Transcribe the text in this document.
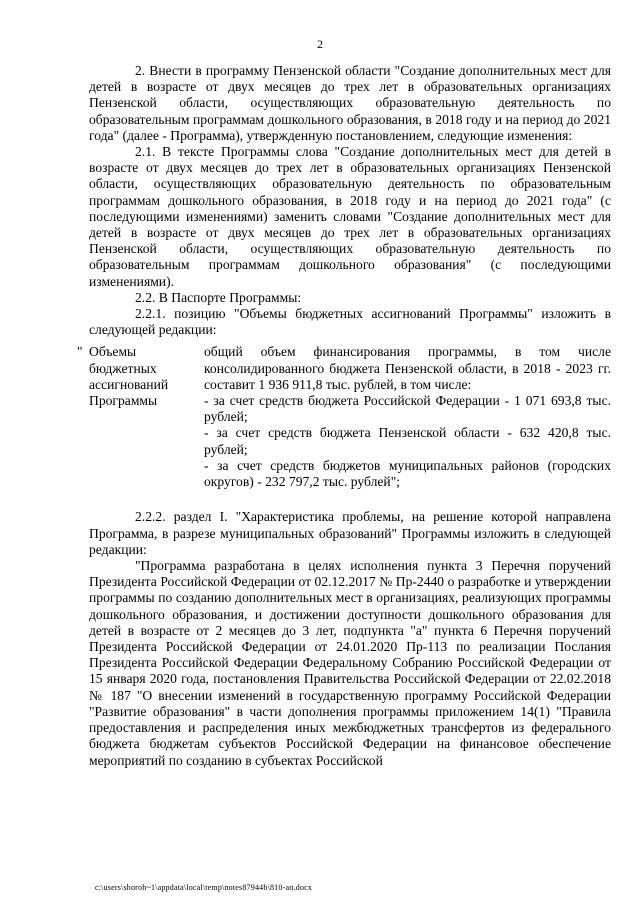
2

2. Внести в программу Пензенской области "Создание дополнительных мест для детей в возрасте от двух месяцев до трех лет в образовательных организациях Пензенской области, осуществляющих образовательную деятельность по образовательным программам дошкольного образования, в 2018 году и на период до 2021 года" (далее - Программа), утвержденную постановлением, следующие изменения:

2.1. В тексте Программы слова "Создание дополнительных мест для детей в возрасте от двух месяцев до трех лет в образовательных организациях Пензенской области, осуществляющих образовательную деятельность по образовательным программам дошкольного образования, в 2018 году и на период до 2021 года" (с последующими изменениями) заменить словами "Создание дополнительных мест для детей в возрасте от двух месяцев до трех лет в образовательных организациях Пензенской области, осуществляющих образовательную деятельность по образовательным программам дошкольного образования" (с последующими изменениями).

2.2. В Паспорте Программы:

2.2.1. позицию "Объемы бюджетных ассигнований Программы" изложить в следующей редакции:

" Объемы бюджетных ассигнований Программы

общий объем финансирования программы, в том числе консолидированного бюджета Пензенской области, в 2018 - 2023 гг. составит 1 936 911,8 тыс. рублей, в том числе:

- за счет средств бюджета Российской Федерации - 1 071 693,8 тыс. рублей;

- за счет средств бюджета Пензенской области - 632 420,8 тыс. рублей;

- за счет средств бюджетов муниципальных районов (городских округов) - 232 797,2 тыс. рублей";

2.2.2. раздел I. "Характеристика проблемы, на решение которой направлена Программа, в разрезе муниципальных образований" Программы изложить в следующей редакции:

"Программа разработана в целях исполнения пункта 3 Перечня поручений Президента Российской Федерации от 02.12.2017 № Пр-2440 о разработке и утверждении программы по созданию дополнительных мест в организациях, реализующих программы дошкольного образования, и достижении доступности дошкольного образования для детей в возрасте от 2 месяцев до 3 лет, подпункта "а" пункта 6 Перечня поручений Президента Российской Федерации от 24.01.2020 Пр-113 по реализации Послания Президента Российской Федерации Федеральному Собранию Российской Федерации от 15 января 2020 года, постановления Правительства Российской Федерации от 22.02.2018 № 187 "О внесении изменений в государственную программу Российской Федерации "Развитие образования" в части дополнения программы приложением 14(1) "Правила предоставления и распределения иных межбюджетных трансфертов из федерального бюджета бюджетам субъектов Российской Федерации на финансовое обеспечение мероприятий по созданию в субъектах Российской

c:\users\shoroh~1\appdata\local\temp\notes87944b\810-ап.docx
